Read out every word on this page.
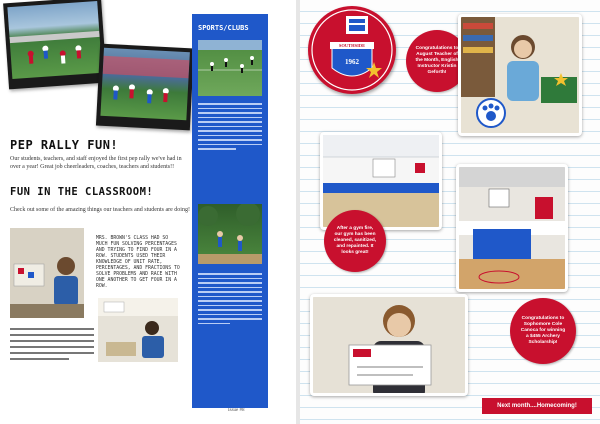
PEP RALLY FUN!
Our students, teachers, and staff enjoyed the first pep rally we've had in over a year! Great job cheerleaders, coaches, teachers and students!!
FUN IN THE CLASSROOM!
Check out some of the amazing things our teachers and students are doing!
MRS. BROWN'S CLASS HAD SO MUCH FUN SOLVING PERCENTAGES AND TRYING TO FIND FOUR IN A ROW. STUDENTS USED THEIR KNOWLEDGE OF UNIT RATE, PERCENTAGES, AND FRACTIONS TO SOLVE PROBLEMS AND RACE WITH ONE ANOTHER TO GET FOUR IN A ROW.
Issue #8
SPORTS/CLUBS
SOUTHSIDE
1962
Congratulations to August Teacher of the Month, English Instructor Kristin Geforth!
After a gym fire, our gym has been cleaned, sanitized, and repainted. It looks great!
Congratulations to Sophomore Cole Canoca for winning a $455 Archery Scholarship!
Next month....Homecoming!
